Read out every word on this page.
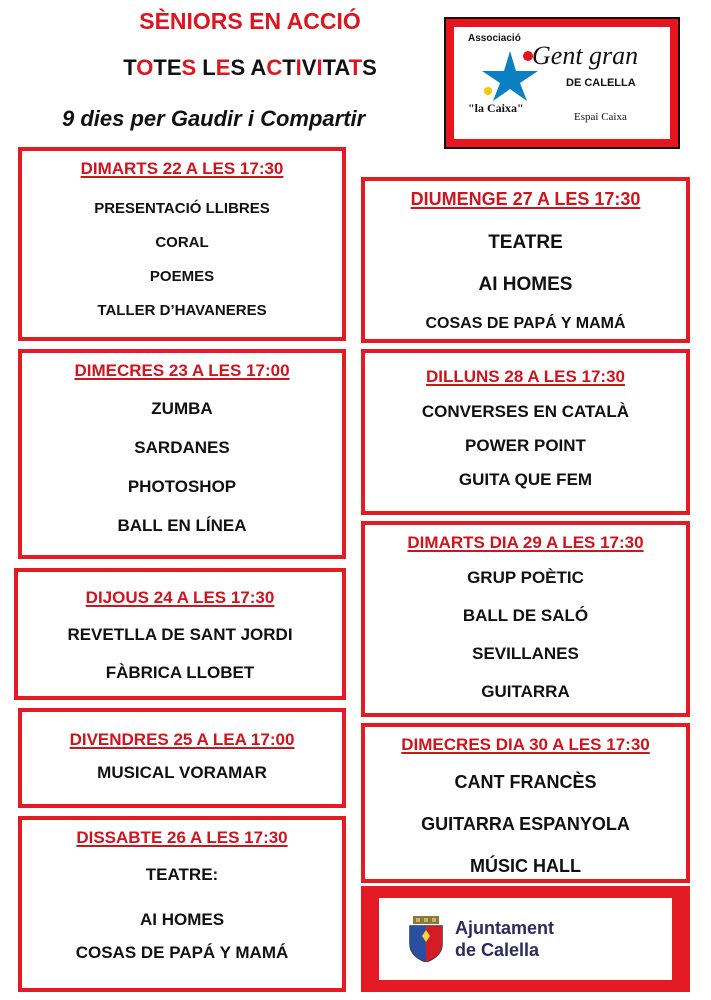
SÈNIORS EN ACCIÓ
TOTES LES ACTIVITATS
9 dies per Gaudir i Compartir
Associació
Gent gran
DE CALELLA
"la Caixa"
Espai Caixa
DIMARTS 22 A LES 17:30
PRESENTACIÓ LLIBRES
CORAL
POEMES
TALLER D’HAVANERES
DIMECRES 23 A LES 17:00
ZUMBA
SARDANES
PHOTOSHOP
BALL EN LÍNEA
DIJOUS 24 A LES 17:30
REVETLLA DE SANT JORDI
FÀBRICA LLOBET
DIVENDRES 25 A LEA 17:00
MUSICAL VORAMAR
DISSABTE 26 A LES 17:30
TEATRE:
AI HOMES
COSAS DE PAPÁ Y MAMÁ
DIUMENGE 27 A LES 17:30
TEATRE
AI HOMES
COSAS DE PAPÁ Y MAMÁ
DILLUNS 28 A LES 17:30
CONVERSES EN CATALÀ
POWER POINT
GUITA QUE FEM
DIMARTS DIA 29 A LES 17:30
GRUP POÈTIC
BALL DE SALÓ
SEVILLANES
GUITARRA
DIMECRES DIA 30 A LES 17:30
CANT FRANCÈS
GUITARRA ESPANYOLA
MÚSIC HALL
Ajuntament
de Calella
